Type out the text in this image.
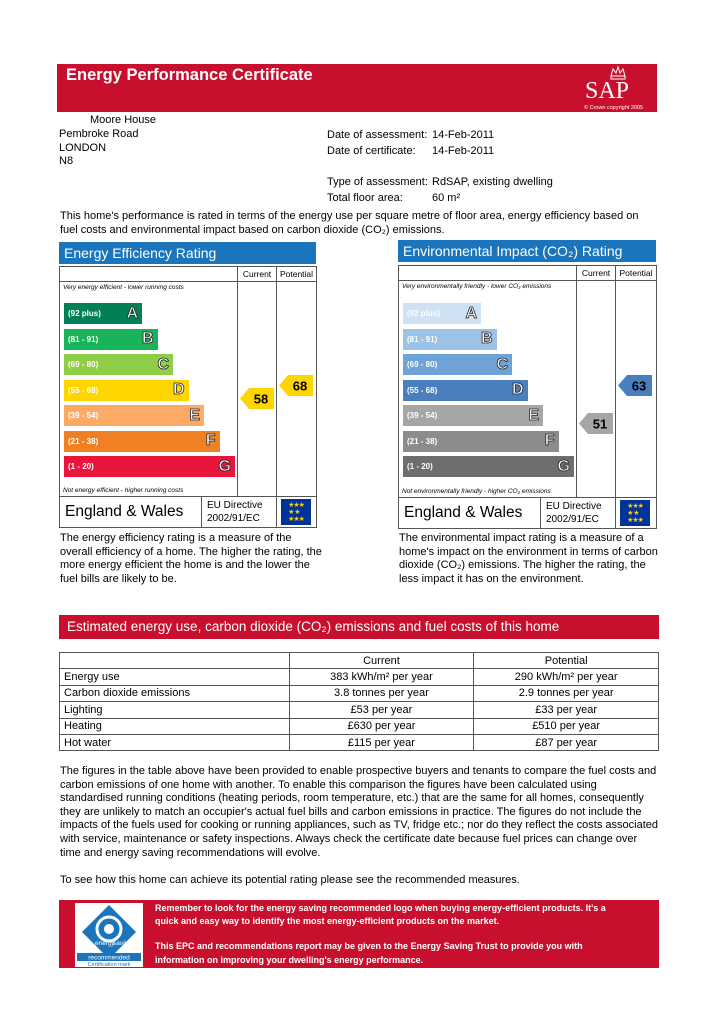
Energy Performance Certificate
SAP
© Crown copyright 2005
Moore House
Pembroke Road
LONDON
N8
Date of assessment: 14-Feb-2011
Date of certificate: 14-Feb-2011
Type of assessment: RdSAP, existing dwelling
Total floor area:	60 m²
This home's performance is rated in terms of the energy use per square metre of floor area, energy efficiency based on fuel costs and environmental impact based on carbon dioxide (CO₂) emissions.
Energy Efficiency Rating
Current	Potential
Very energy efficient - lower running costs
Not energy efficient - higher running costs
(92 plus) A
(81 - 91)	B
(69 - 80)	C
(55 - 68)	D
(39 - 54)	E
(21 - 38)	F
(1 - 20)	G
58
68
England & Wales EU Directive
2002/91/EC
★★★
★ ★
★★★
The energy efficiency rating is a measure of the overall efficiency of a home. The higher the rating, the more energy efficient the home is and the lower the fuel bills are likely to be.
Environmental Impact (CO₂) Rating
Current	Potential
Very environmentally friendly - lower CO₂ emissions
Not environmentally friendly - higher CO₂ emissions
(92 plus) A
(81 - 91)	B
(69 - 80)	C
(55 - 68)	D
(39 - 54)	E
(21 - 38)	F
(1 - 20)	G
51
63
England & Wales EU Directive
2002/91/EC
★★★
★ ★
★★★
The environmental impact rating is a measure of a home's impact on the environment in terms of carbon dioxide (CO₂) emissions. The higher the rating, the less impact it has on the environment.
Estimated energy use, carbon dioxide (CO₂) emissions and fuel costs of this home
	Current	Potential
Energy use	383 kWh/m² per year	290 kWh/m² per year
Carbon dioxide emissions	3.8 tonnes per year	2.9 tonnes per year
Lighting	£53 per year	£33 per year
Heating	£630 per year	£510 per year
Hot water	£115 per year	£87 per year
The figures in the table above have been provided to enable prospective buyers and tenants to compare the fuel costs and carbon emissions of one home with another. To enable this comparison the figures have been calculated using standardised running conditions (heating periods, room temperature, etc.) that are the same for all homes, consequently they are unlikely to match an occupier's actual fuel bills and carbon emissions in practice. The figures do not include the impacts of the fuels used for cooking or running appliances, such as TV, fridge etc.; nor do they reflect the costs associated with service, maintenance or safety inspections. Always check the certificate date because fuel prices can change over time and energy saving recommendations will evolve.
To see how this home can achieve its potential rating please see the recommended measures.
energy
saving
recommended
Certification mark
Remember to look for the energy saving recommended logo when buying energy-efficient products. It's a
quick and easy way to identify the most energy-efficient products on the market.
This EPC and recommendations report may be given to the Energy Saving Trust to provide you with
information on improving your dwelling's energy performance.
